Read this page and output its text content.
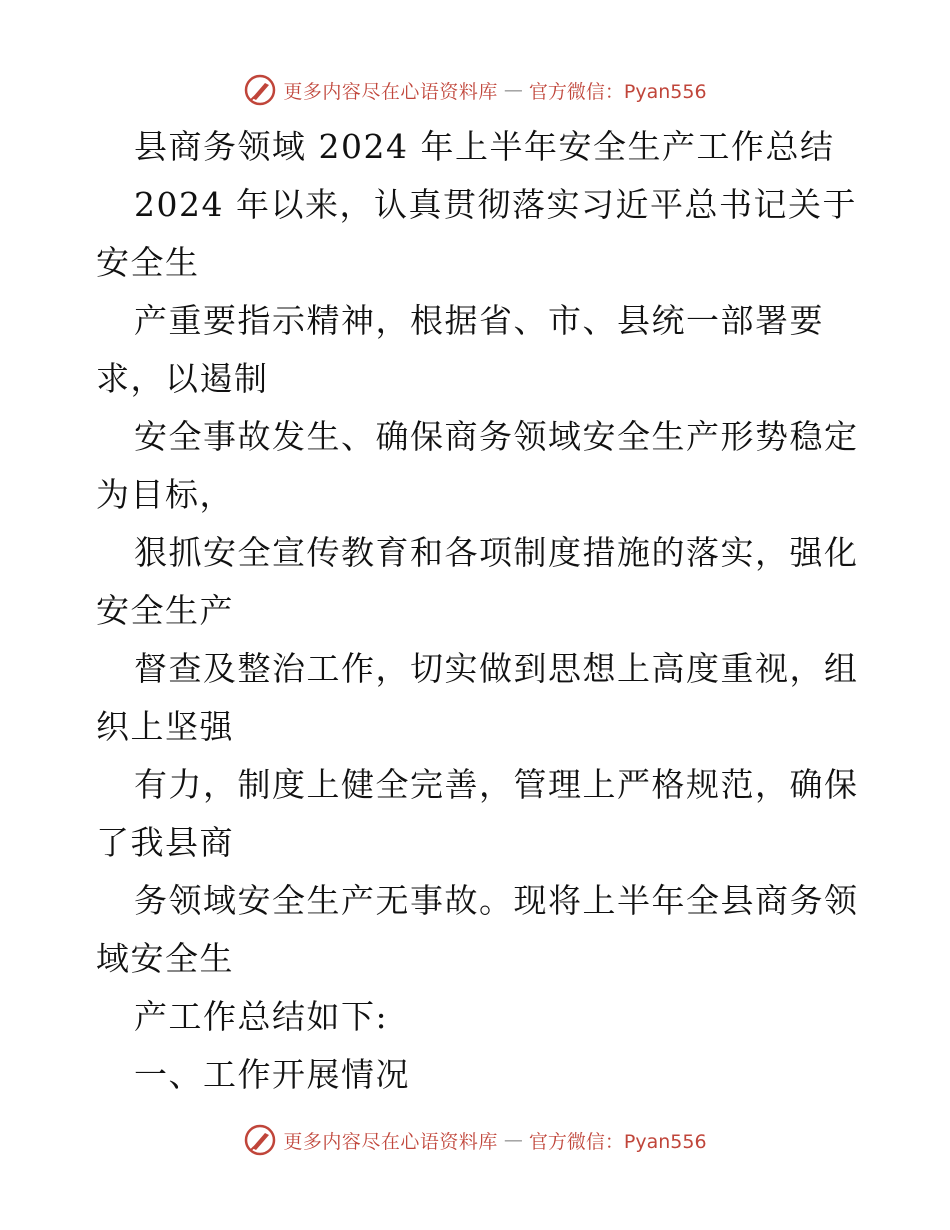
更多内容尽在心语资料库 — 官方微信：Pyan556
县商务领域 2024 年上半年安全生产工作总结
2024 年以来，认真贯彻落实习近平总书记关于
安全生
产重要指示精神，根据省、市、县统一部署要
求，以遏制
安全事故发生、确保商务领域安全生产形势稳定
为目标，
狠抓安全宣传教育和各项制度措施的落实，强化
安全生产
督查及整治工作，切实做到思想上高度重视，组
织上坚强
有力，制度上健全完善，管理上严格规范，确保
了我县商
务领域安全生产无事故。现将上半年全县商务领
域安全生
产工作总结如下:
一、工作开展情况
更多内容尽在心语资料库 — 官方微信：Pyan556
